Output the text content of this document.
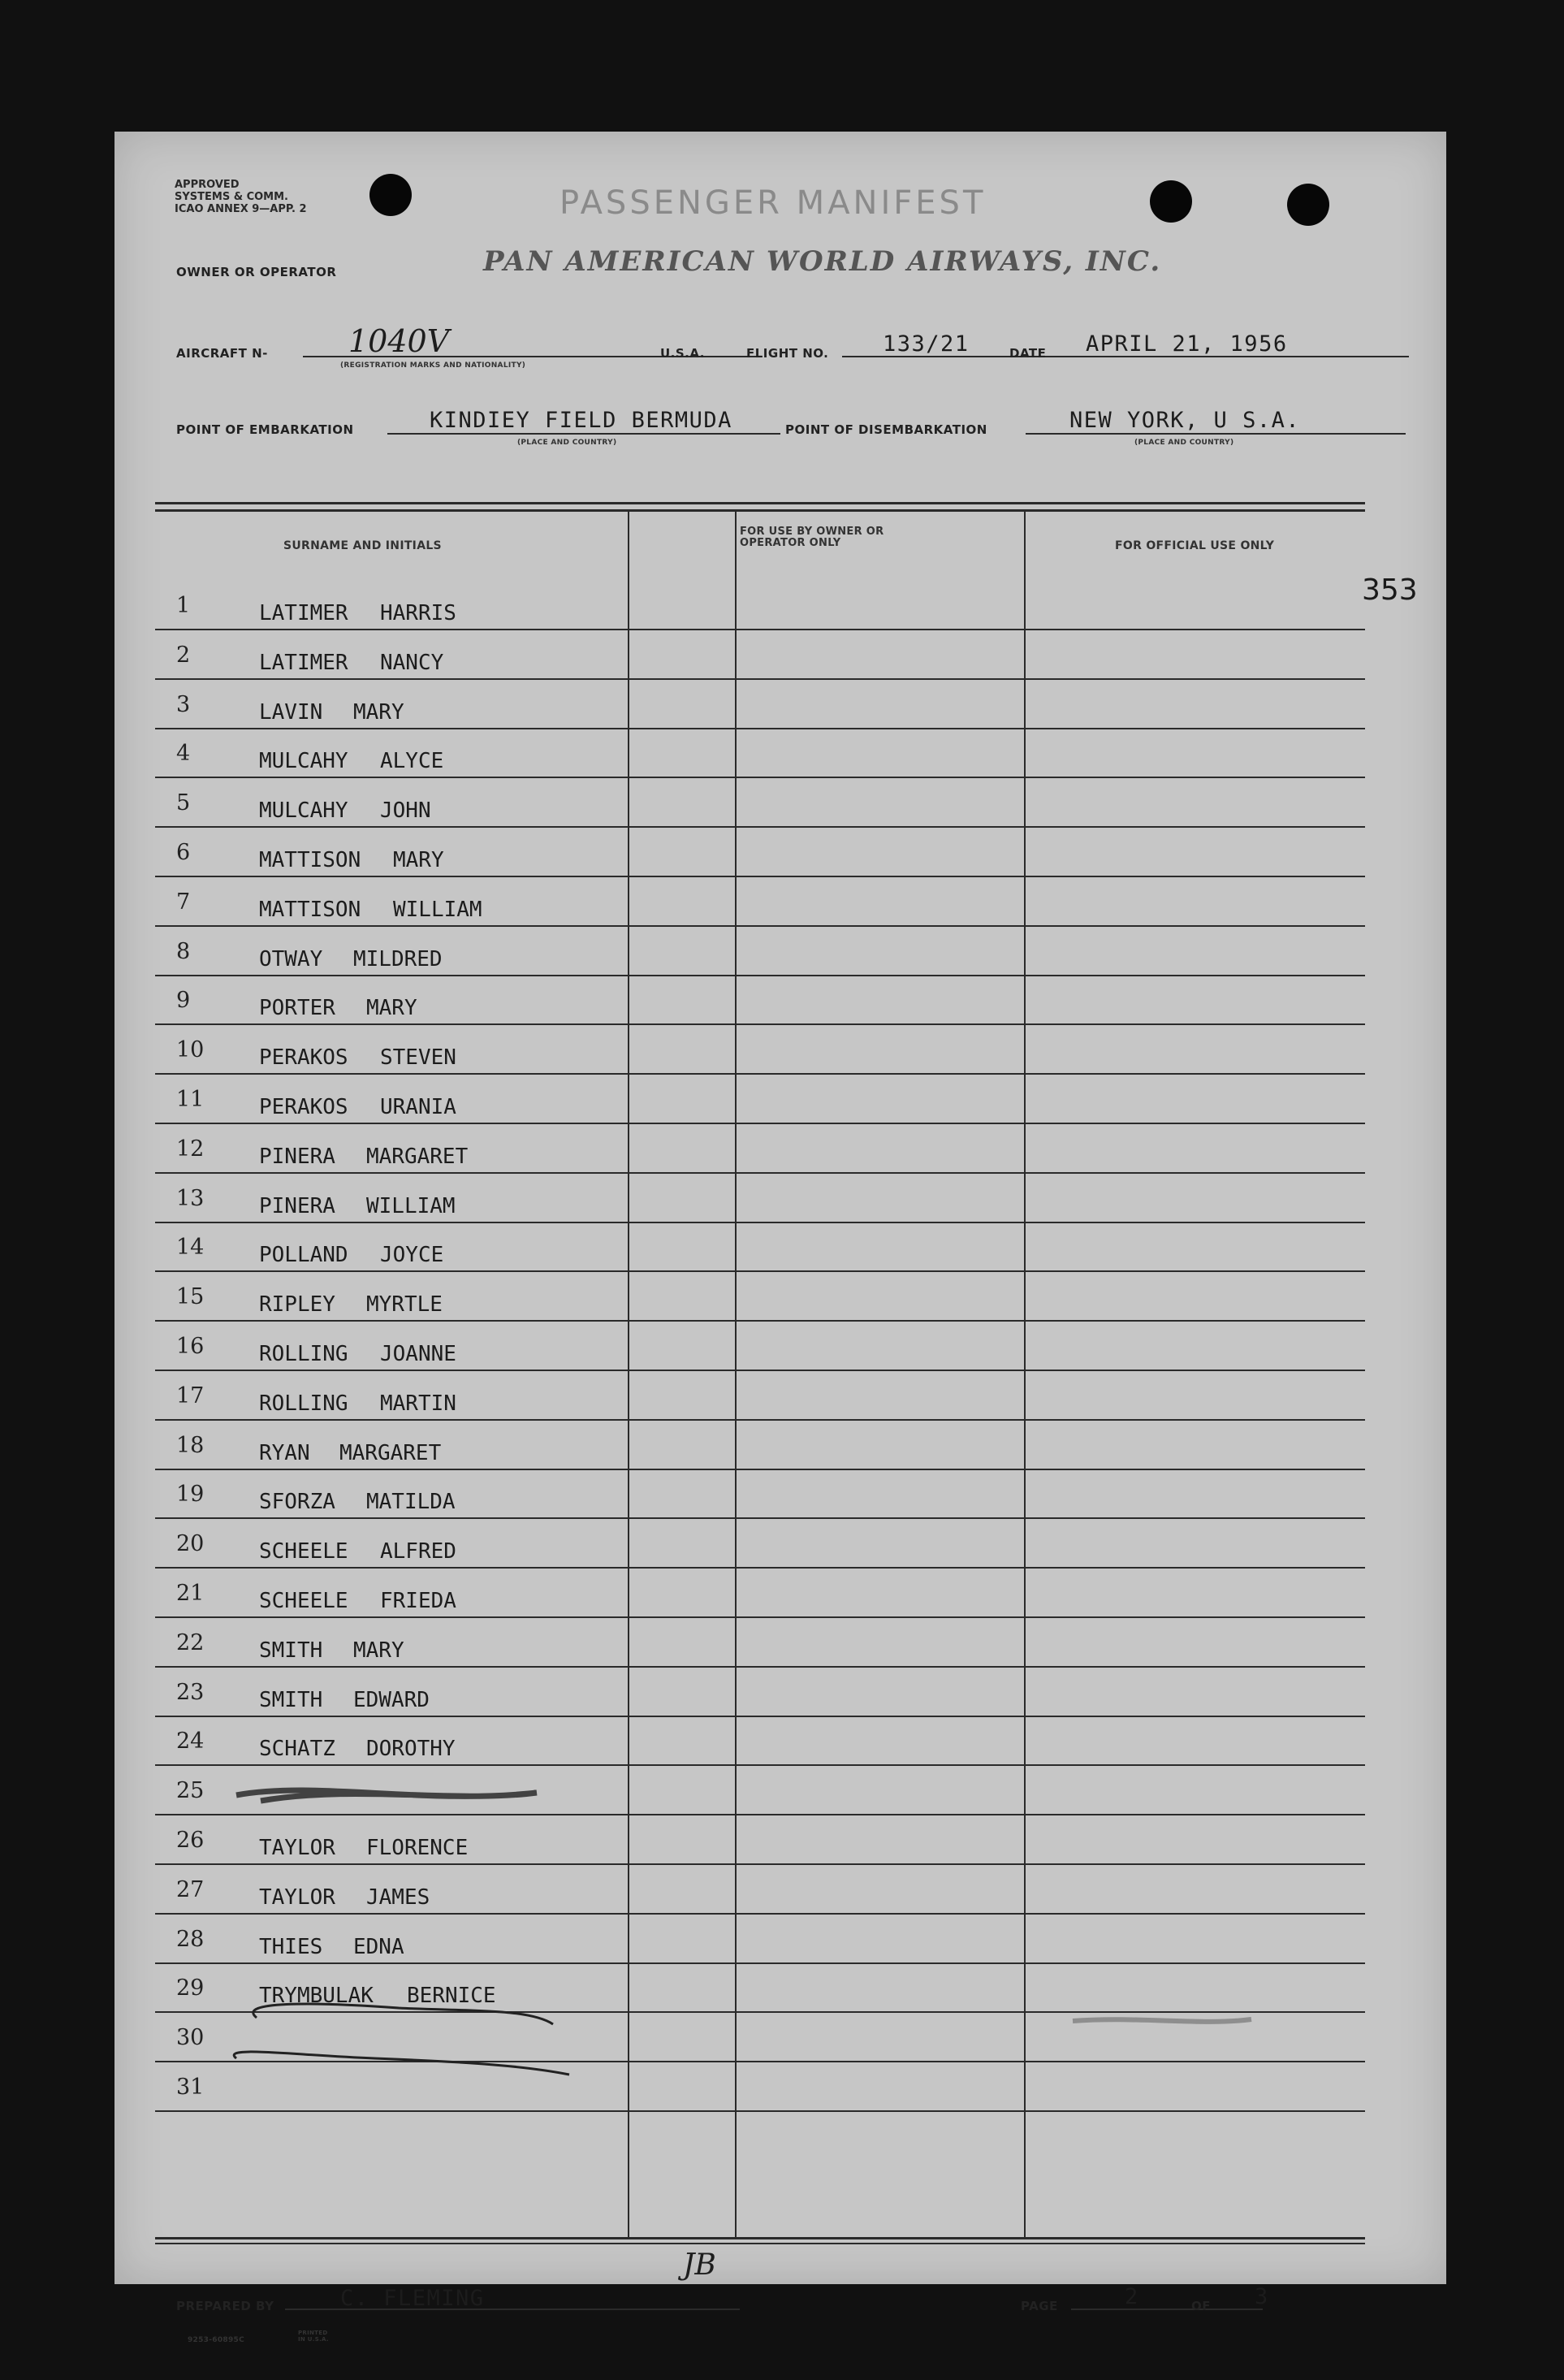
APPROVED
SYSTEMS & COMM.
ICAO ANNEX 9—APP. 2	PASSENGER MANIFEST
OWNER OR OPERATOR	PAN AMERICAN WORLD AIRWAYS, INC.
AIRCRAFT N-	1040V
(REGISTRATION MARKS AND NATIONALITY)
U.S.A.	FLIGHT NO. 133/21	DATE APRIL 21, 1956
POINT OF EMBARKATION	KINDIEY FIELD BERMUDA
(PLACE AND COUNTRY)
POINT OF DISEMBARKATION	NEW YORK, U S.A.
(PLACE AND COUNTRY)
SURNAME AND INITIALS
FOR USE BY OWNER OR OPERATOR ONLY	FOR OFFICIAL USE ONLY
353
1	LATIMER HARRIS
2	LATIMER NANCY
3	LAVIN MARY
4	MULCAHY ALYCE
5	MULCAHY JOHN
6	MATTISON MARY
7	MATTISON WILLIAM
8	OTWAY MILDRED
9	PORTER MARY
10	PERAKOS STEVEN
11	PERAKOS URANIA
12	PINERA MARGARET
13	PINERA WILLIAM
14	POLLAND JOYCE
15	RIPLEY MYRTLE
16	ROLLING JOANNE
17	ROLLING MARTIN
18	RYAN MARGARET
19	SFORZA MATILDA
20	SCHEELE ALFRED
21	SCHEELE FRIEDA
22	SMITH MARY
23	SMITH EDWARD
24	SCHATZ DOROTHY
25
26	TAYLOR FLORENCE
27	TAYLOR JAMES
28	THIES EDNA
29	TRYMBULAK BERNICE
30
31
JB
PREPARED BY	C. FLEMING	PAGE	2	OF 3
9253-60895C
PRINTED IN U.S.A.
